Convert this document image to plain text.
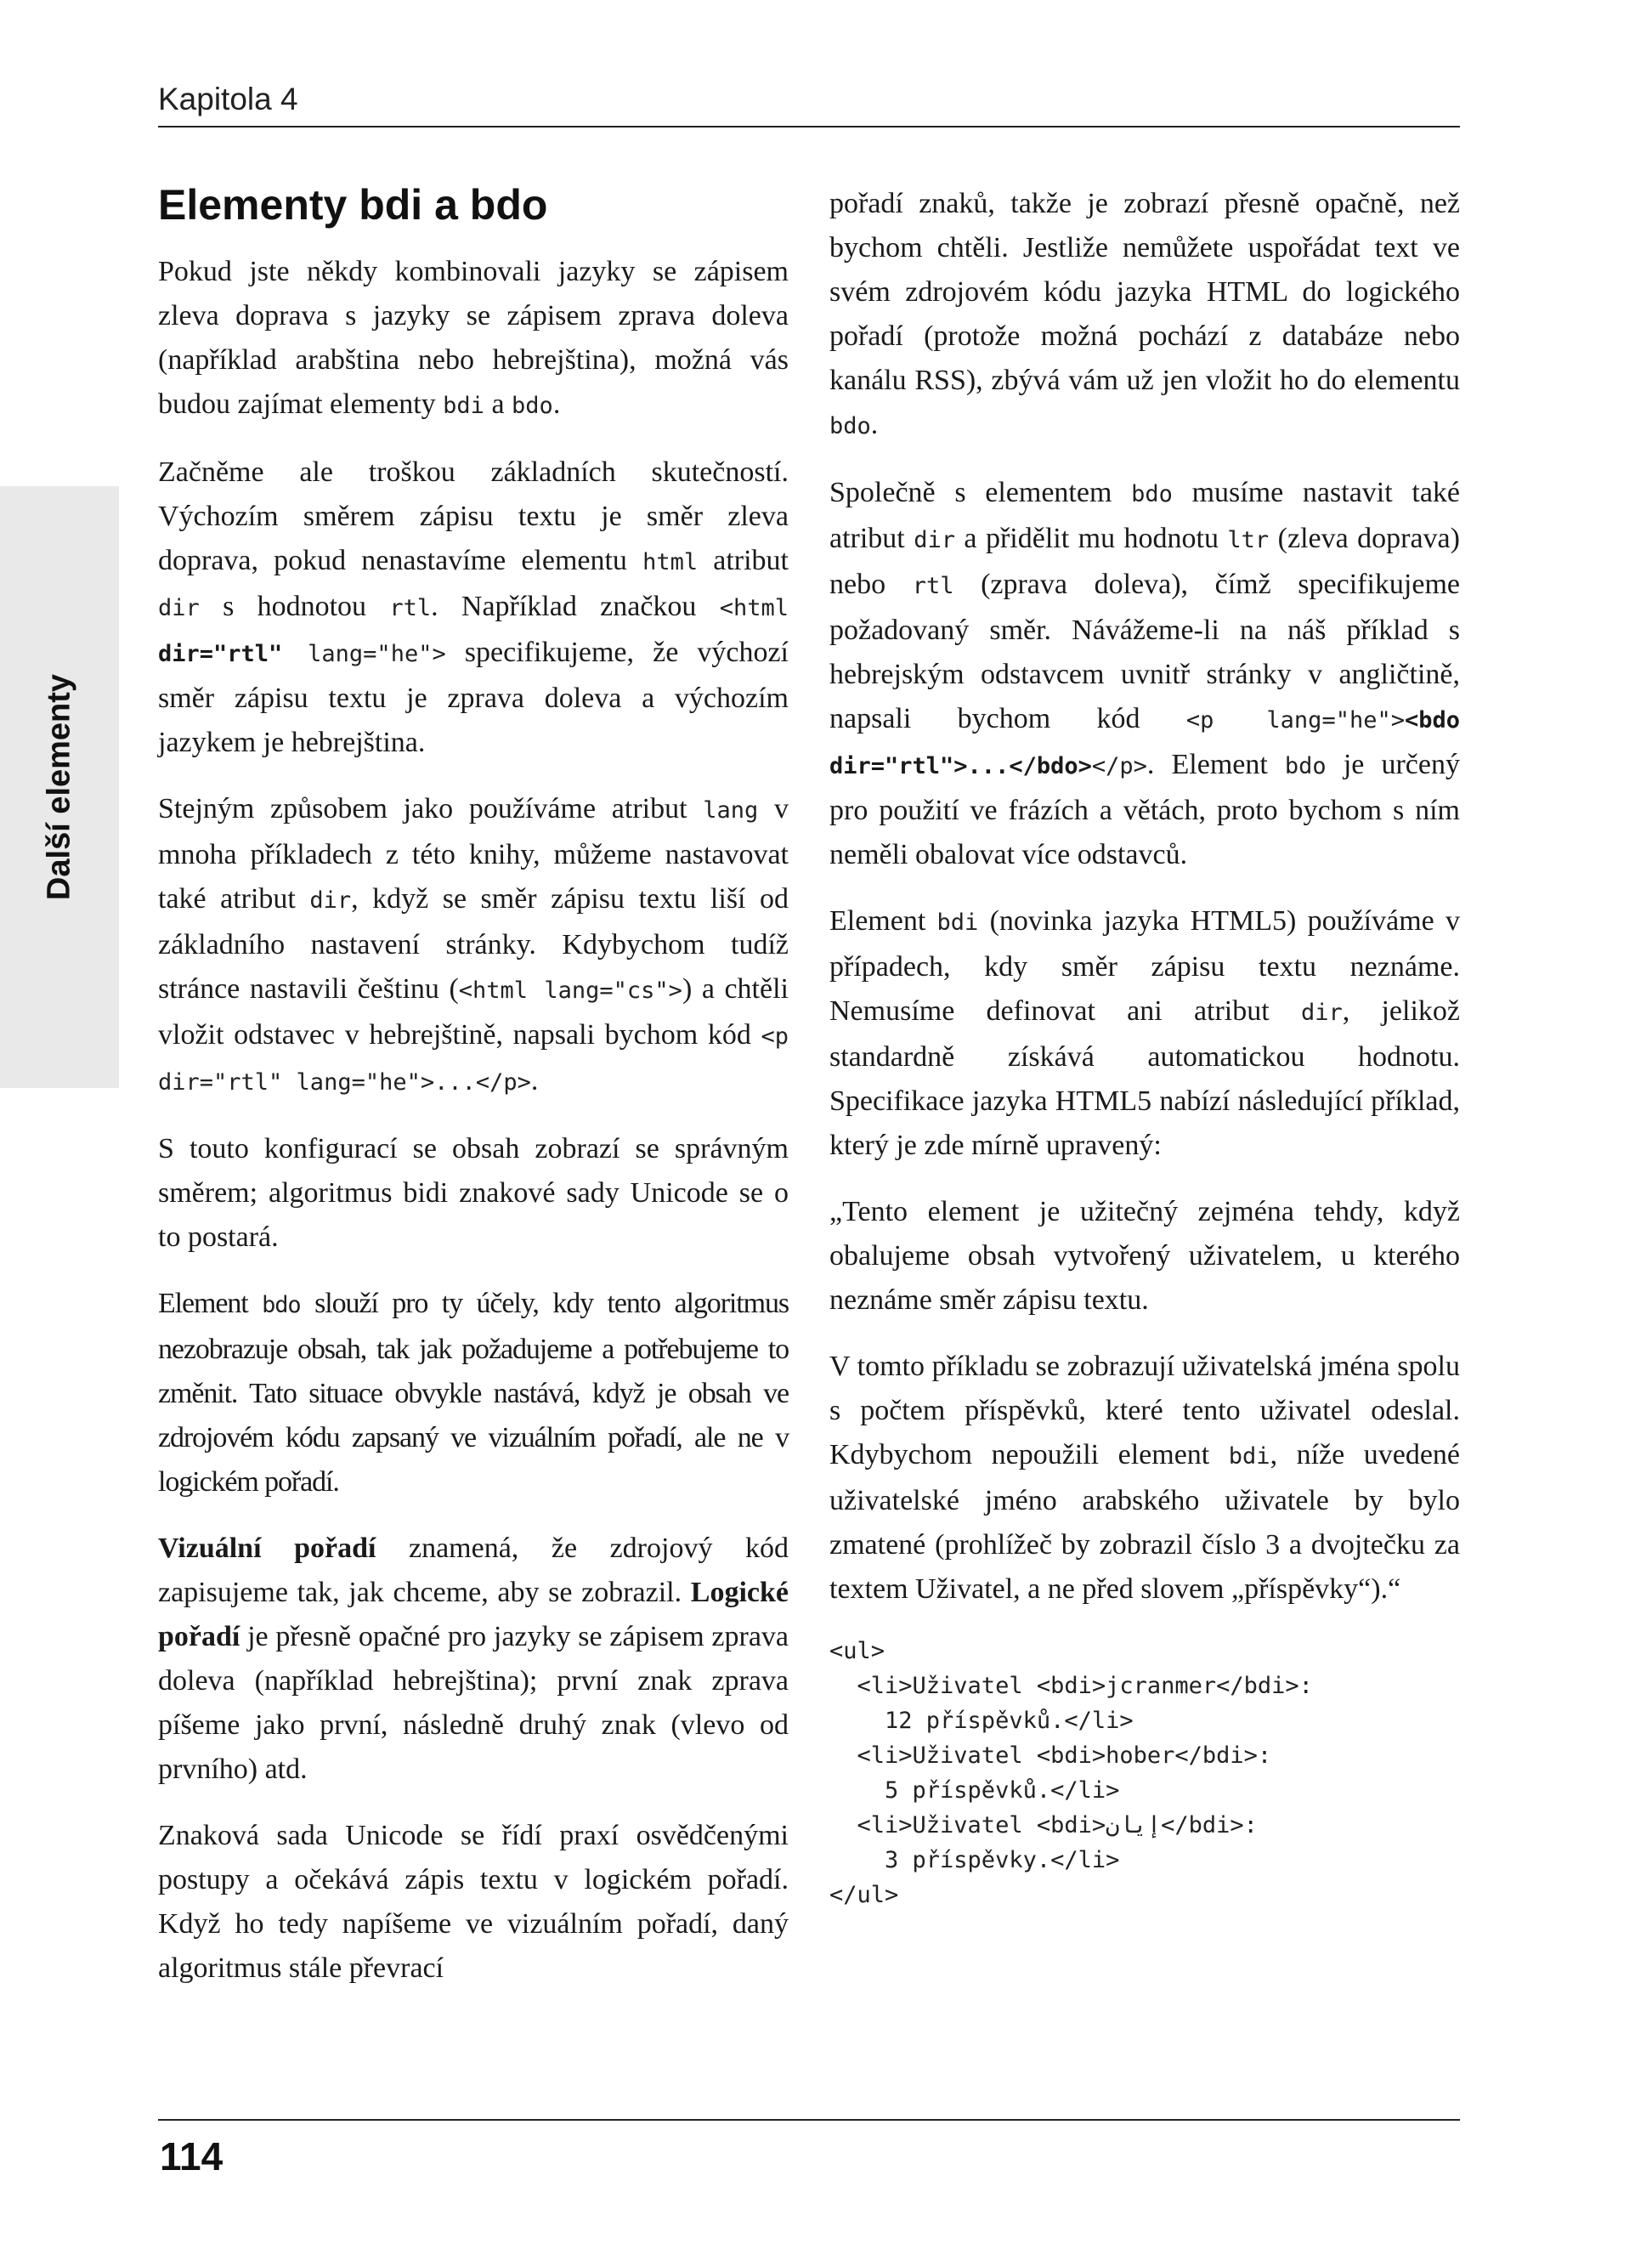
Kapitola 4
Další elementy
Elementy bdi a bdo

Pokud jste někdy kombinovali jazyky se zápisem zleva doprava s jazyky se zápisem zprava doleva (například arabština nebo hebrejština), možná vás budou zajímat elementy bdi a bdo.

Začněme ale troškou základních skutečností. Výchozím směrem zápisu textu je směr zleva doprava, pokud nenastavíme elementu html atribut dir s hodnotou rtl. Například značkou <html dir="rtl" lang="he"> specifikujeme, že výchozí směr zápisu textu je zprava doleva a výchozím jazykem je hebrejština.

Stejným způsobem jako používáme atribut lang v mnoha příkladech z této knihy, můžeme nastavovat také atribut dir, když se směr zápisu textu liší od základního nastavení stránky. Kdybychom tudíž stránce nastavili češtinu (<html lang="cs">) a chtěli vložit odstavec v hebrejštině, napsali bychom kód <p dir="rtl" lang="he">...</p>.

S touto konfigurací se obsah zobrazí se správným směrem; algoritmus bidi znakové sady Unicode se o to postará.

Element bdo slouží pro ty účely, kdy tento algoritmus nezobrazuje obsah, tak jak požadujeme a potřebujeme to změnit. Tato situace obvykle nastává, když je obsah ve zdrojovém kódu zapsaný ve vizuálním pořadí, ale ne v logickém pořadí.

Vizuální pořadí znamená, že zdrojový kód zapisujeme tak, jak chceme, aby se zobrazil. Logické pořadí je přesně opačné pro jazyky se zápisem zprava doleva (například hebrejština); první znak zprava píšeme jako první, následně druhý znak (vlevo od prvního) atd.

Znaková sada Unicode se řídí praxí osvědčenými postupy a očekává zápis textu v logickém pořadí. Když ho tedy napíšeme ve vizuálním pořadí, daný algoritmus stále převrací

pořadí znaků, takže je zobrazí přesně opačně, než bychom chtěli. Jestliže nemůžete uspořádat text ve svém zdrojovém kódu jazyka HTML do logického pořadí (protože možná pochází z databáze nebo kanálu RSS), zbývá vám už jen vložit ho do elementu bdo.

Společně s elementem bdo musíme nastavit také atribut dir a přidělit mu hodnotu ltr (zleva doprava) nebo rtl (zprava doleva), čímž specifikujeme požadovaný směr. Návážeme-li na náš příklad s hebrejským odstavcem uvnitř stránky v angličtině, napsali bychom kód <p lang="he"><bdo dir="rtl">...</bdo></p>. Element bdo je určený pro použití ve frázích a větách, proto bychom s ním neměli obalovat více odstavců.

Element bdi (novinka jazyka HTML5) používáme v případech, kdy směr zápisu textu neznáme. Nemusíme definovat ani atribut dir, jelikož standardně získává automatickou hodnotu. Specifikace jazyka HTML5 nabízí následující příklad, který je zde mírně upravený:

„Tento element je užitečný zejména tehdy, když obalujeme obsah vytvořený uživatelem, u kterého neznáme směr zápisu textu.

V tomto příkladu se zobrazují uživatelská jména spolu s počtem příspěvků, které tento uživatel odeslal. Kdybychom nepoužili element bdi, níže uvedené uživatelské jméno arabského uživatele by bylo zmatené (prohlížeč by zobrazil číslo 3 a dvojtečku za textem Uživatel, a ne před slovem „příspěvky“).“

<ul>
<li>Uživatel <bdi>jcranmer</bdi>:
12 příspěvků.</li>
<li>Uživatel <bdi>hober</bdi>:
5 příspěvků.</li>
<li>Uživatel <bdi>إيان</bdi>:
3 příspěvky.</li>
</ul>
114
